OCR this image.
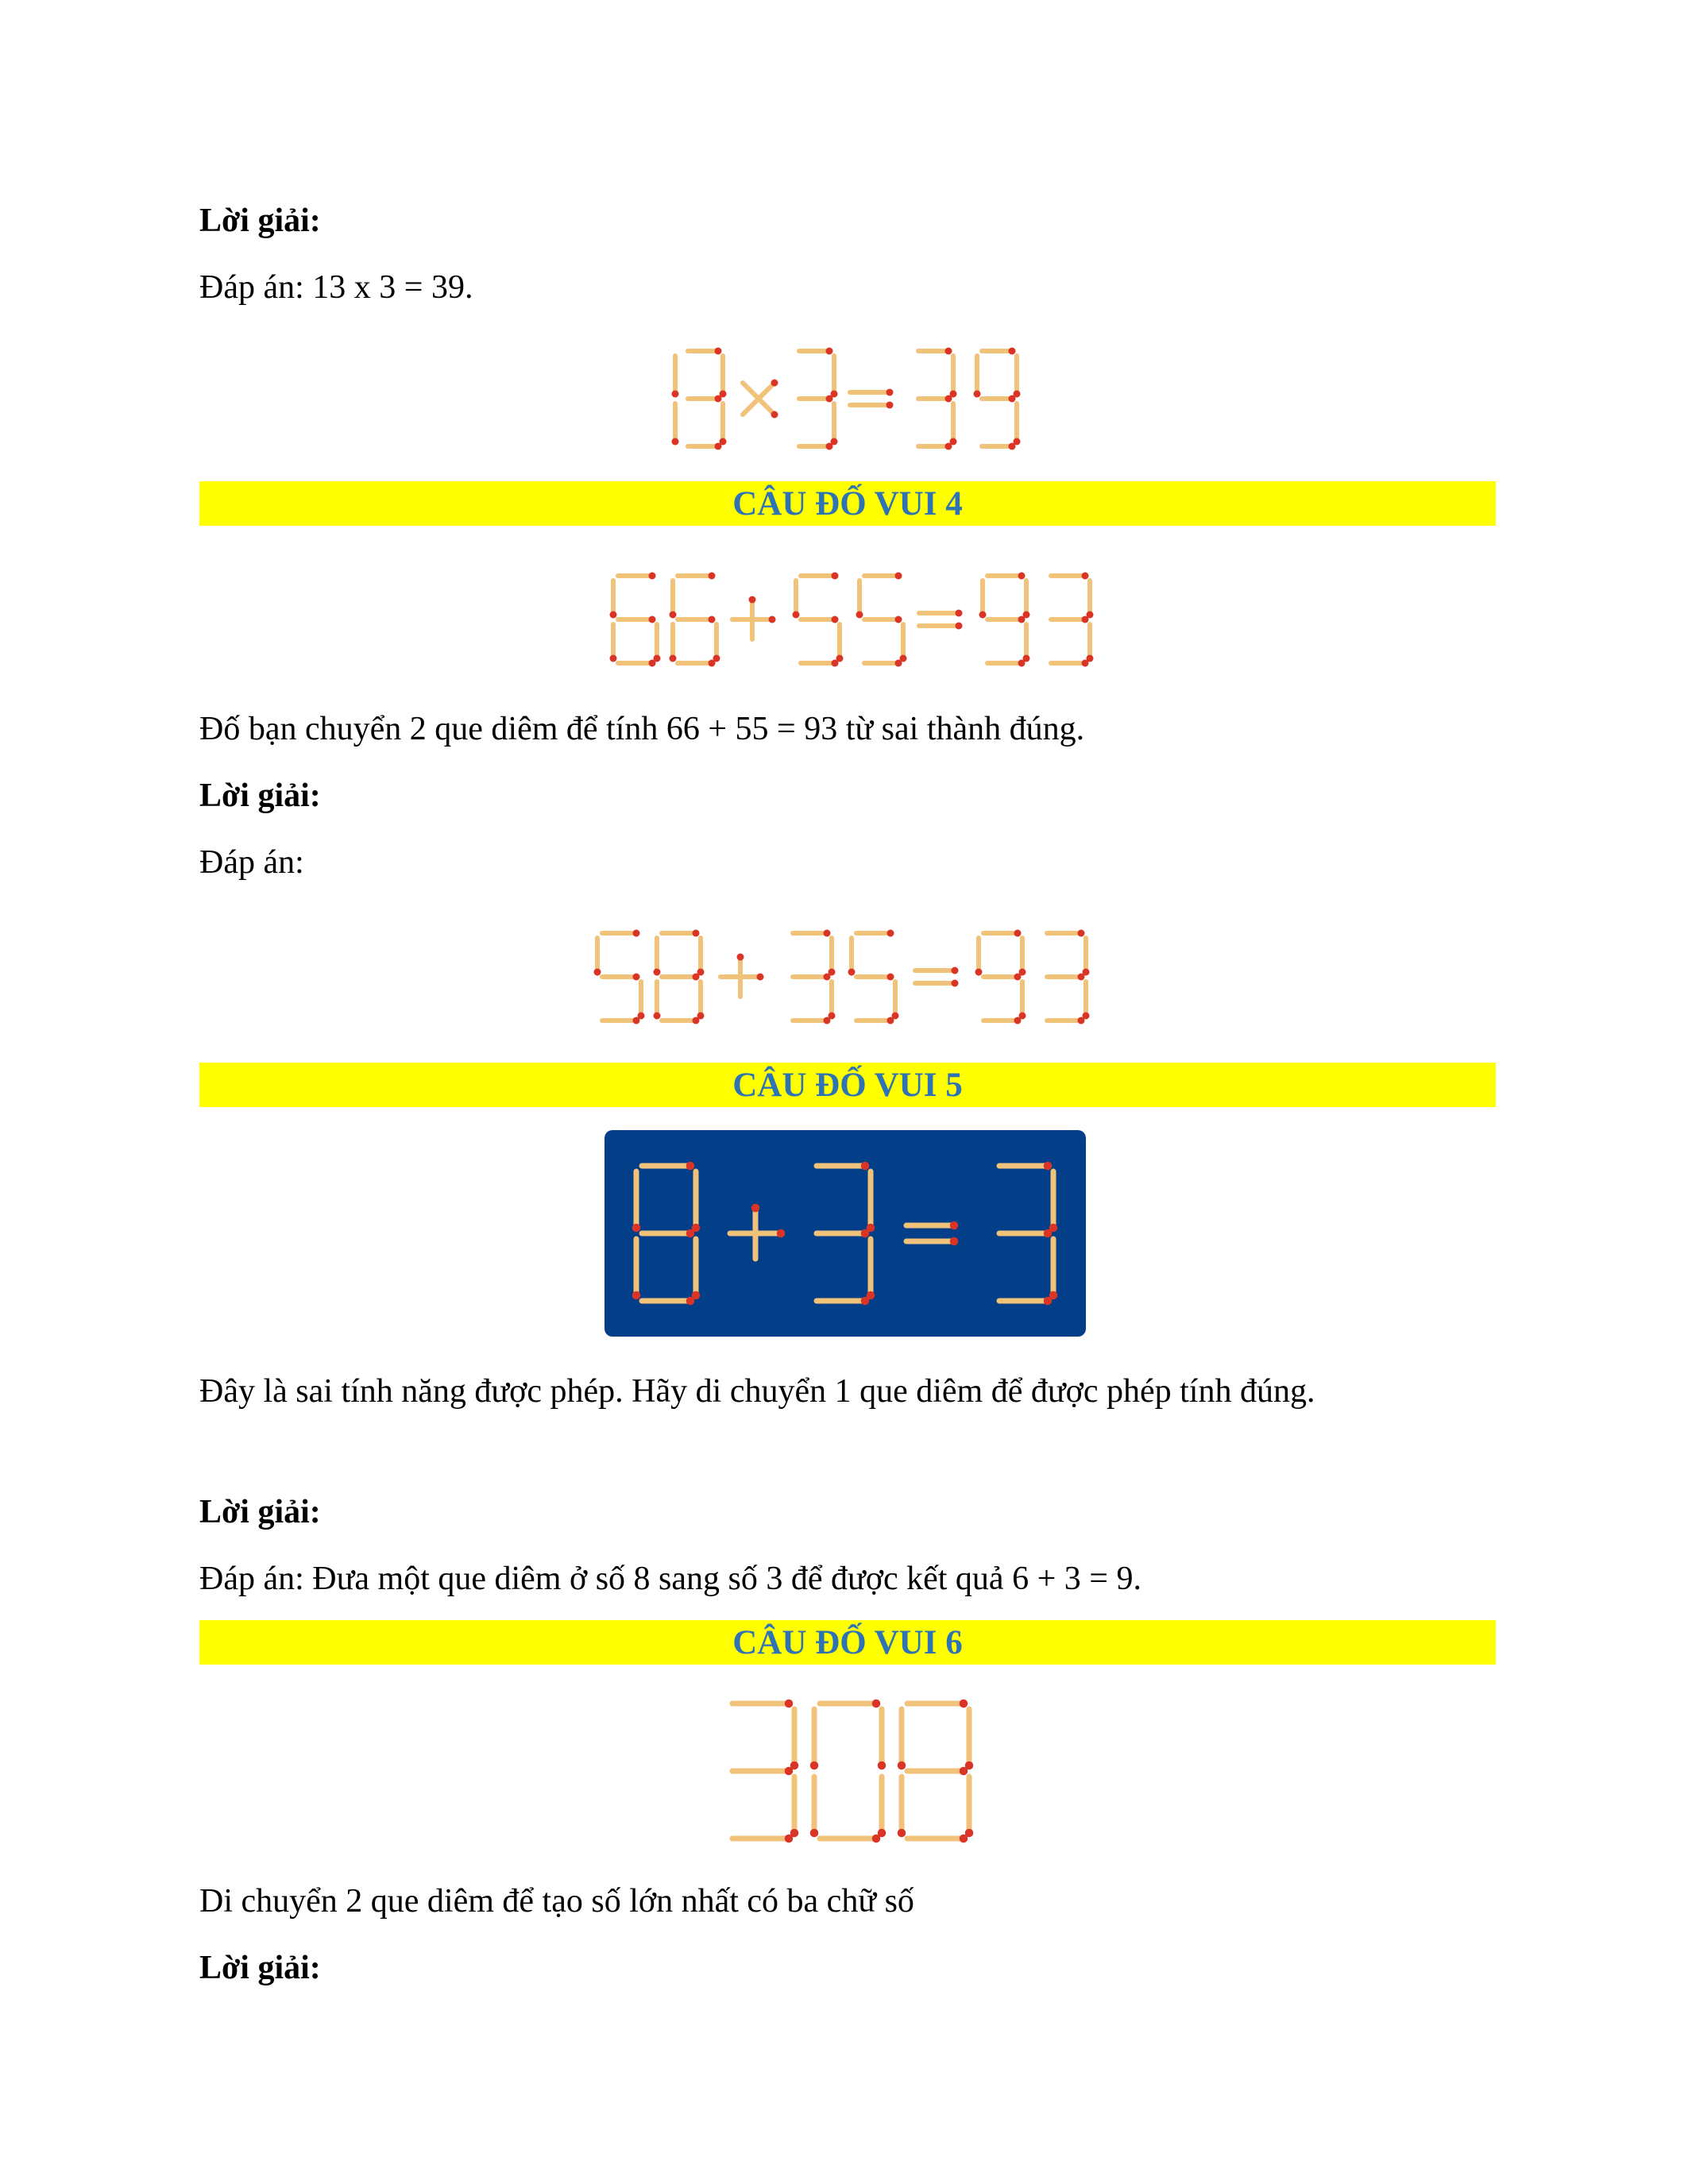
Lời giải:
Đáp án: 13 x 3 = 39.
CÂU ĐỐ VUI 4
Đố bạn chuyển 2 que diêm để tính 66 + 55 = 93 từ sai thành đúng.
Lời giải:
Đáp án:
CÂU ĐỐ VUI 5
Đây là sai tính năng được phép. Hãy di chuyển 1 que diêm để được phép tính đúng.
Lời giải:
Đáp án: Đưa một que diêm ở số 8 sang số 3 để được kết quả 6 + 3 = 9.
CÂU ĐỐ VUI 6
Di chuyển 2 que diêm để tạo số lớn nhất có ba chữ số
Lời giải:
